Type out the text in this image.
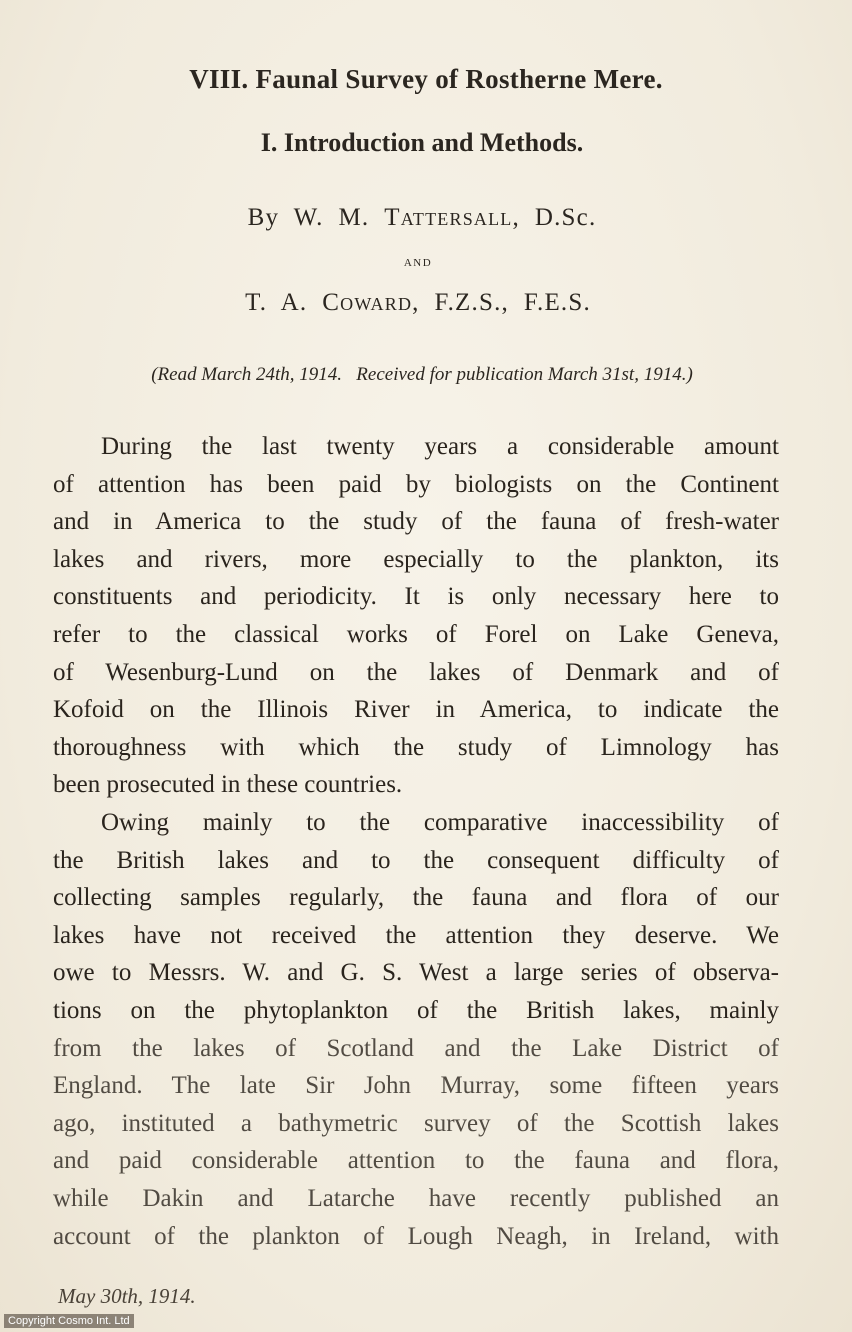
VIII. Faunal Survey of Rostherne Mere.
I. Introduction and Methods.
By  W.  M.  Tattersall,  D.Sc.
and
T.  A.  Coward,  F.Z.S.,  F.E.S.
(Read March 24th, 1914.   Received for publication March 31st, 1914.)
During the last twenty years a considerable amount
of attention has been paid by biologists on the Continent
and in America to the study of the fauna of fresh-water
lakes and rivers, more especially to the plankton, its
constituents and periodicity. It is only necessary here to
refer to the classical works of Forel on Lake Geneva,
of Wesenburg-Lund on the lakes of Denmark and of
Kofoid on the Illinois River in America, to indicate the
thoroughness with which the study of Limnology has
been prosecuted in these countries.
Owing mainly to the comparative inaccessibility of
the British lakes and to the consequent difficulty of
collecting samples regularly, the fauna and flora of our
lakes have not received the attention they deserve. We
owe to Messrs. W. and G. S. West a large series of observa-
tions on the phytoplankton of the British lakes, mainly
from the lakes of Scotland and the Lake District of
England. The late Sir John Murray, some fifteen years
ago, instituted a bathymetric survey of the Scottish lakes
and paid considerable attention to the fauna and flora,
while Dakin and Latarche have recently published an
account of the plankton of Lough Neagh, in Ireland, with
May 30th, 1914.
Copyright Cosmo Int. Ltd
